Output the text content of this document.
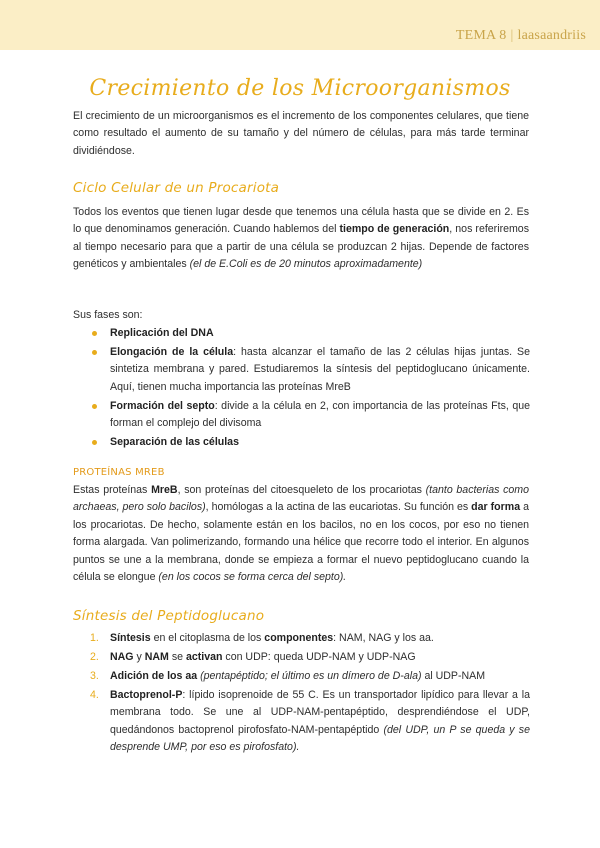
TEMA 8 | laasaandriis
Crecimiento de los Microorganismos

El crecimiento de un microorganismos es el incremento de los componentes celulares, que tiene como resultado el aumento de su tamaño y del número de células, para más tarde terminar dividiéndose.

Ciclo Celular de un Procariota

Todos los eventos que tienen lugar desde que tenemos una célula hasta que se divide en 2. Es lo que denominamos generación. Cuando hablemos del tiempo de generación, nos referiremos al tiempo necesario para que a partir de una célula se produzcan 2 hijas. Depende de factores genéticos y ambientales (el de E.Coli es de 20 minutos aproximadamente)

Sus fases son:

Replicación del DNA
Elongación de la célula: hasta alcanzar el tamaño de las 2 células hijas juntas. Se sintetiza membrana y pared. Estudiaremos la síntesis del peptidoglucano únicamente. Aquí, tienen mucha importancia las proteínas MreB
Formación del septo: divide a la célula en 2, con importancia de las proteínas Fts, que forman el complejo del divisoma
Separación de las células
PROTEÍNAS MREB

Estas proteínas MreB, son proteínas del citoesqueleto de los procariotas (tanto bacterias como archaeas, pero solo bacilos), homólogas a la actina de las eucariotas. Su función es dar forma a los procariotas. De hecho, solamente están en los bacilos, no en los cocos, por eso no tienen forma alargada. Van polimerizando, formando una hélice que recorre todo el interior. En algunos puntos se une a la membrana, donde se empieza a formar el nuevo peptidoglucano cuando la célula se elongue (en los cocos se forma cerca del septo).

Síntesis del Peptidoglucano
1. Síntesis en el citoplasma de los componentes: NAM, NAG y los aa.
2. NAG y NAM se activan con UDP: queda UDP-NAM y UDP-NAG
3. Adición de los aa (pentapéptido; el último es un dímero de D-ala) al UDP-NAM
4. Bactoprenol-P: lípido isoprenoide de 55 C. Es un transportador lipídico para llevar a la membrana todo. Se une al UDP-NAM-pentapéptido, desprendiéndose el UDP, quedándonos bactoprenol pirofosfato-NAM-pentapéptido (del UDP, un P se queda y se desprende UMP, por eso es pirofosfato).
